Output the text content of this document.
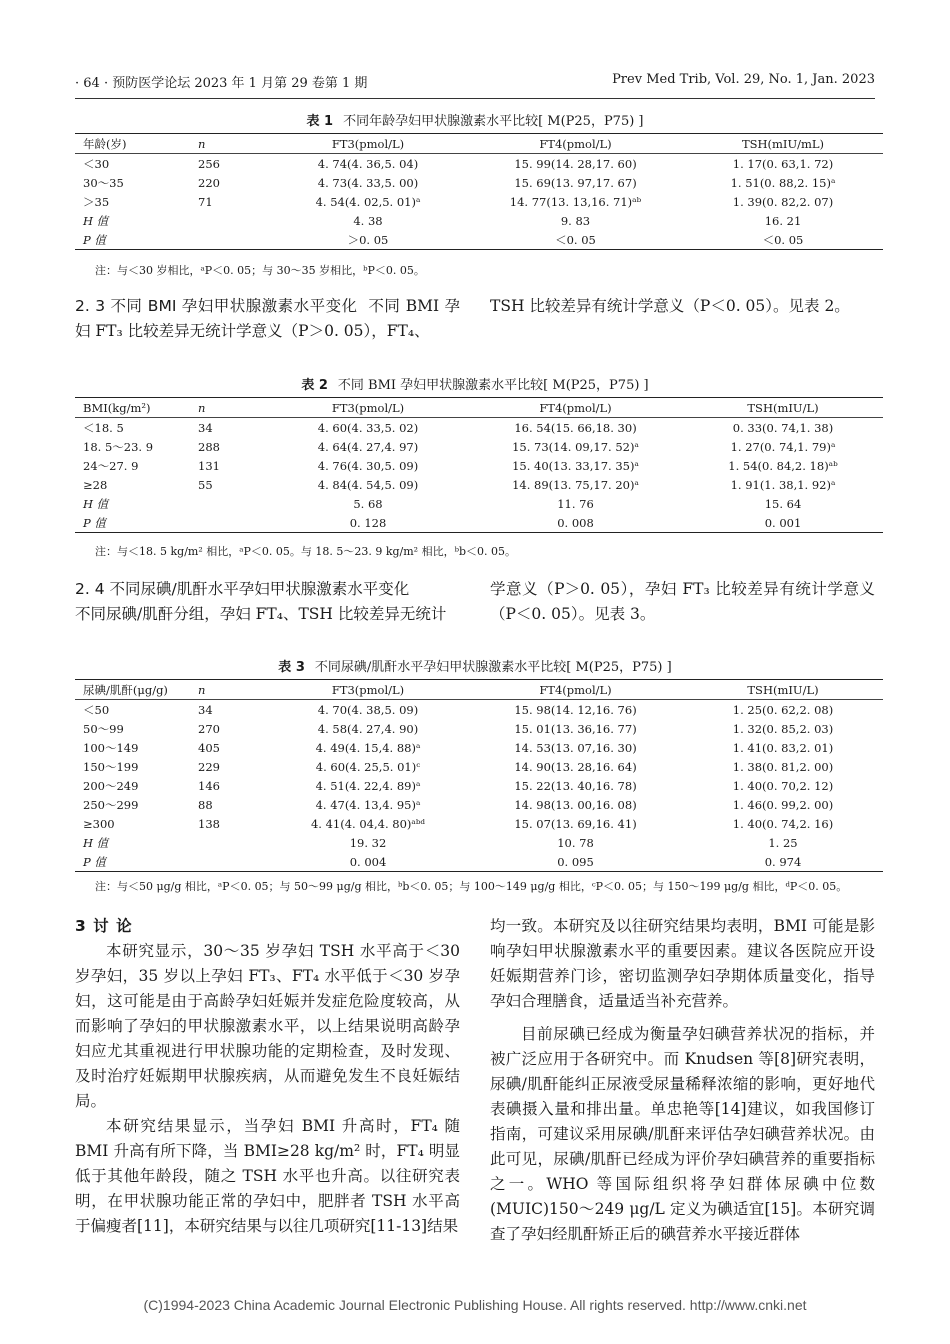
· 64 · 预防医学论坛 2023 年 1 月第 29 卷第 1 期	Prev Med Trib, Vol. 29, No. 1, Jan. 2023
表 1 不同年龄孕妇甲状腺激素水平比较[ M(P25，P75) ]
年龄(岁)	n	FT3(pmol/L)	FT4(pmol/L)	TSH(mIU/mL)
＜30	256	4. 74(4. 36,5. 04)	15. 99(14. 28,17. 60)	1. 17(0. 63,1. 72)
30～35	220	4. 73(4. 33,5. 00)	15. 69(13. 97,17. 67)	1. 51(0. 88,2. 15)ᵃ
＞35	71	4. 54(4. 02,5. 01)ᵃ	14. 77(13. 13,16. 71)ᵃᵇ	1. 39(0. 82,2. 07)
H 值		4. 38	9. 83	16. 21
P 值		＞0. 05	＜0. 05	＜0. 05
注：与＜30 岁相比，ᵃP＜0. 05；与 30～35 岁相比，ᵇP＜0. 05。

2. 3 不同 BMI 孕妇甲状腺激素水平变化 不同 BMI 孕妇 FT₃ 比较差异无统计学意义（P＞0. 05），FT₄、

TSH 比较差异有统计学意义（P＜0. 05）。见表 2。

表 2 不同 BMI 孕妇甲状腺激素水平比较[ M(P25，P75) ]
BMI(kg/m²)	n	FT3(pmol/L)	FT4(pmol/L)	TSH(mIU/L)
＜18. 5	34	4. 60(4. 33,5. 02)	16. 54(15. 66,18. 30)	0. 33(0. 74,1. 38)
18. 5～23. 9	288	4. 64(4. 27,4. 97)	15. 73(14. 09,17. 52)ᵃ	1. 27(0. 74,1. 79)ᵃ
24～27. 9	131	4. 76(4. 30,5. 09)	15. 40(13. 33,17. 35)ᵃ	1. 54(0. 84,2. 18)ᵃᵇ
≥28	55	4. 84(4. 54,5. 09)	14. 89(13. 75,17. 20)ᵃ	1. 91(1. 38,1. 92)ᵃ
H 值		5. 68	11. 76	15. 64
P 值		0. 128	0. 008	0. 001
注：与＜18. 5 kg/m² 相比，ᵃP＜0. 05。与 18. 5～23. 9 kg/m² 相比，ᵇb＜0. 05。

2. 4 不同尿碘/肌酐水平孕妇甲状腺激素水平变化

不同尿碘/肌酐分组，孕妇 FT₄、TSH 比较差异无统计

学意义（P＞0. 05），孕妇 FT₃ 比较差异有统计学意义（P＜0. 05）。见表 3。

表 3 不同尿碘/肌酐水平孕妇甲状腺激素水平比较[ M(P25，P75) ]
尿碘/肌酐(μg/g)	n	FT3(pmol/L)	FT4(pmol/L)	TSH(mIU/L)
＜50	34	4. 70(4. 38,5. 09)	15. 98(14. 12,16. 76)	1. 25(0. 62,2. 08)
50～99	270	4. 58(4. 27,4. 90)	15. 01(13. 36,16. 77)	1. 32(0. 85,2. 03)
100～149	405	4. 49(4. 15,4. 88)ᵃ	14. 53(13. 07,16. 30)	1. 41(0. 83,2. 01)
150～199	229	4. 60(4. 25,5. 01)ᶜ	14. 90(13. 28,16. 64)	1. 38(0. 81,2. 00)
200～249	146	4. 51(4. 22,4. 89)ᵃ	15. 22(13. 40,16. 78)	1. 40(0. 70,2. 12)
250～299	88	4. 47(4. 13,4. 95)ᵃ	14. 98(13. 00,16. 08)	1. 46(0. 99,2. 00)
≥300	138	4. 41(4. 04,4. 80)ᵃᵇᵈ	15. 07(13. 69,16. 41)	1. 40(0. 74,2. 16)
H 值		19. 32	10. 78	1. 25
P 值		0. 004	0. 095	0. 974
注：与＜50 μg/g 相比，ᵃP＜0. 05；与 50～99 μg/g 相比，ᵇb＜0. 05；与 100～149 μg/g 相比，ᶜP＜0. 05；与 150～199 μg/g 相比，ᵈP＜0. 05。

3 讨 论

本研究显示，30～35 岁孕妇 TSH 水平高于＜30 岁孕妇，35 岁以上孕妇 FT₃、FT₄ 水平低于＜30 岁孕妇，这可能是由于高龄孕妇妊娠并发症危险度较高，从而影响了孕妇的甲状腺激素水平，以上结果说明高龄孕妇应尤其重视进行甲状腺功能的定期检查，及时发现、及时治疗妊娠期甲状腺疾病，从而避免发生不良妊娠结局。

本研究结果显示，当孕妇 BMI 升高时，FT₄ 随 BMI 升高有所下降，当 BMI≥28 kg/m² 时，FT₄ 明显低于其他年龄段，随之 TSH 水平也升高。以往研究表明，在甲状腺功能正常的孕妇中，肥胖者 TSH 水平高于偏瘦者[11]，本研究结果与以往几项研究[11-13]结果

均一致。本研究及以往研究结果均表明，BMI 可能是影响孕妇甲状腺激素水平的重要因素。建议各医院应开设妊娠期营养门诊，密切监测孕妇孕期体质量变化，指导孕妇合理膳食，适量适当补充营养。

目前尿碘已经成为衡量孕妇碘营养状况的指标，并被广泛应用于各研究中。而 Knudsen 等[8]研究表明，尿碘/肌酐能纠正尿液受尿量稀释浓缩的影响，更好地代表碘摄入量和排出量。单忠艳等[14]建议，如我国修订指南，可建议采用尿碘/肌酐来评估孕妇碘营养状况。由此可见，尿碘/肌酐已经成为评价孕妇碘营养的重要指标之一。WHO 等国际组织将孕妇群体尿碘中位数(MUIC)150～249 μg/L 定义为碘适宜[15]。本研究调查了孕妇经肌酐矫正后的碘营养水平接近群体

(C)1994-2023 China Academic Journal Electronic Publishing House. All rights reserved. http://www.cnki.net
